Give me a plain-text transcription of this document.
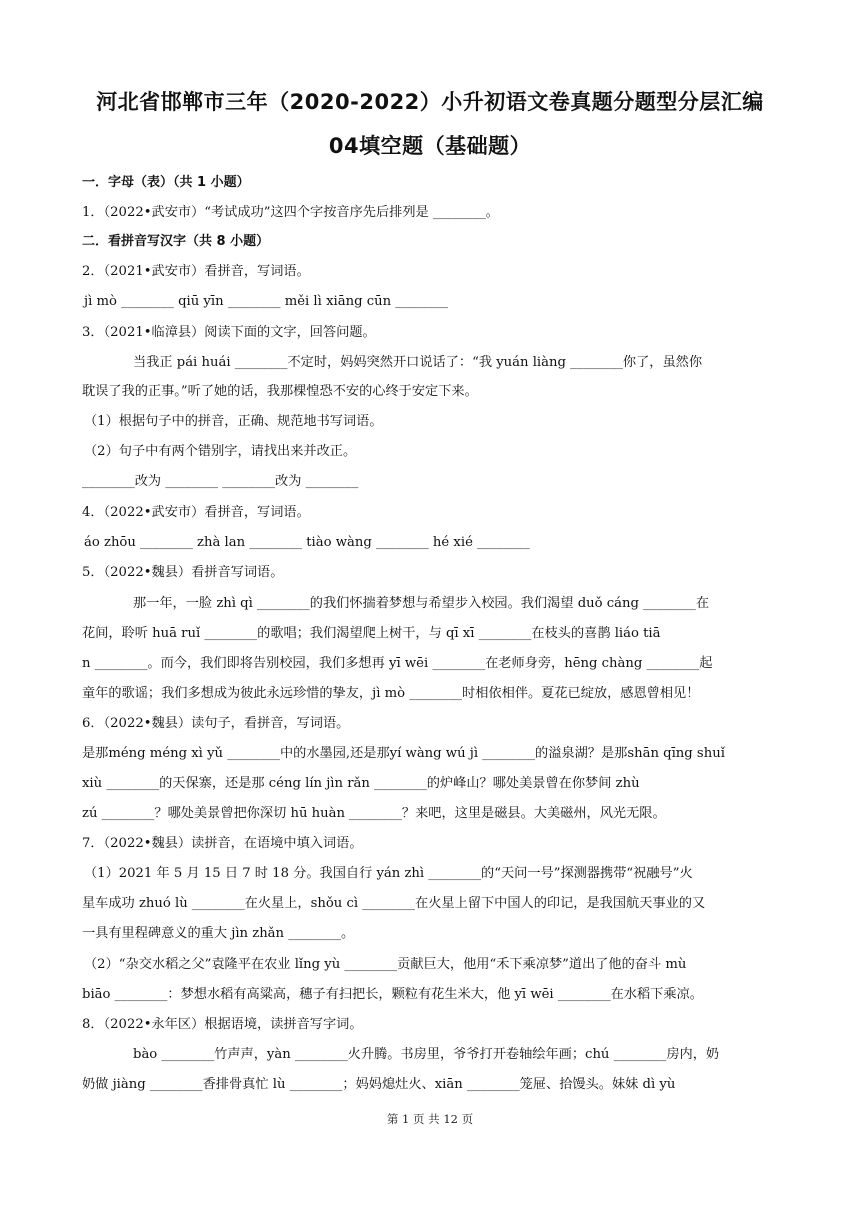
河北省邯郸市三年（2020-2022）小升初语文卷真题分题型分层汇编
04填空题（基础题）
一．字母（表）（共 1 小题）
1．（2022•武安市）“考试成功”这四个字按音序先后排列是 ________。
二．看拼音写汉字（共 8 小题）
2．（2021•武安市）看拼音，写词语。
jì mò ________ qiū yīn ________ měi lì xiāng cūn ________
3．（2021•临漳县）阅读下面的文字，回答问题。
当我正 pái huái ________不定时，妈妈突然开口说话了：“我 yuán liàng ________你了，虽然你
耽误了我的正事。”听了她的话，我那棵惶恐不安的心终于安定下来。
（1）根据句子中的拼音，正确、规范地书写词语。
（2）句子中有两个错别字，请找出来并改正。
________改为 ________ ________改为 ________
4．（2022•武安市）看拼音，写词语。
áo zhōu ________ zhà lan ________ tiào wàng ________ hé xié ________
5．（2022•魏县）看拼音写词语。
那一年，一脸 zhì qì ________的我们怀揣着梦想与希望步入校园。我们渴望 duǒ cáng ________在
花间，聆听 huā ruǐ ________的歌唱；我们渴望爬上树干，与 qī xī ________在枝头的喜鹊 liáo tiā
n ________。而今，我们即将告别校园，我们多想再 yī wēi ________在老师身旁，hēng chàng ________起
童年的歌谣；我们多想成为彼此永远珍惜的挚友，jì mò ________时相依相伴。夏花已绽放，感恩曾相见！
6．（2022•魏县）读句子，看拼音，写词语。
是那méng méng xì yǔ ________中的水墨园,还是那yí wàng wú jì ________的溢泉湖？是那shān qīng shuǐ
xiù ________的天保寨，还是那 céng lín jìn rǎn ________的炉峰山？哪处美景曾在你梦间 zhù
zú ________？哪处美景曾把你深切 hū huàn ________？来吧，这里是磁县。大美磁州，风光无限。
7．（2022•魏县）读拼音，在语境中填入词语。
（1）2021 年 5 月 15 日 7 时 18 分。我国自行 yán zhì ________的“天问一号”探测器携带“祝融号”火
星车成功 zhuó lù ________在火星上，shǒu cì ________在火星上留下中国人的印记，是我国航天事业的又
一具有里程碑意义的重大 jìn zhǎn ________。
（2）“杂交水稻之父”袁隆平在农业 lǐng yù ________贡献巨大，他用“禾下乘凉梦”道出了他的奋斗 mù
biāo ________：梦想水稻有高粱高，穗子有扫把长，颗粒有花生米大，他 yī wēi ________在水稻下乘凉。
8．（2022•永年区）根据语境，读拼音写字词。
bào ________竹声声，yàn ________火升腾。书房里，爷爷打开卷轴绘年画；chú ________房内，奶
奶做 jiàng ________香排骨真忙 lù ________；妈妈熄灶火、xiān ________笼屉、拾馒头。妹妹 dì yù
第 1 页 共 12 页
